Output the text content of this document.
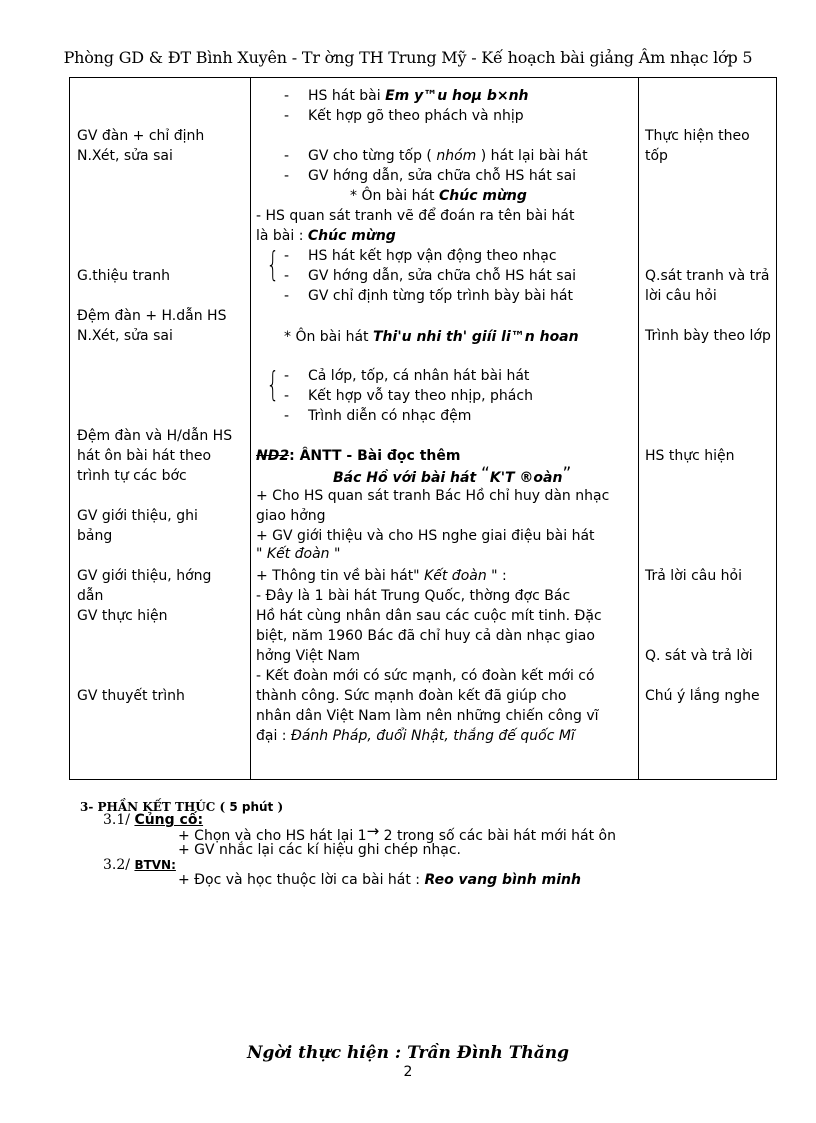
Phòng GD & ĐT Bình Xuyên - Tr ờng TH Trung Mỹ - Kế hoạch bài giảng Âm nhạc lớp 5
GV đàn + chỉ định
N.Xét, sửa sai
G.thiệu tranh
Đệm đàn + H.dẫn HS
N.Xét, sửa sai
Đệm đàn và H/dẫn HS
hát ôn bài hát theo
trình tự các bớc
GV giới thiệu, ghi
bảng
GV giới thiệu, hớng
dẫn
GV thực hiện
GV thuyết trình
- HS hát bài Em y™u hoµ b×nh
- Kết hợp gõ theo phách và nhịp
- GV cho từng tốp ( nhóm ) hát lại bài hát
- GV hớng dẫn, sửa chữa chỗ HS hát sai
* Ôn bài hát Chúc mừng
- HS quan sát tranh vẽ để đoán ra tên bài hát
là bài : Chúc mừng
{ - HS hát kết hợp vận động theo nhạc
- GV hớng dẫn, sửa chữa chỗ HS hát sai
- GV chỉ định từng tốp trình bày bài hát
* Ôn bài hát Thi'u nhi th' giíi li™n hoan
{ - Cả lớp, tốp, cá nhân hát bài hát
- Kết hợp vỗ tay theo nhịp, phách
- Trình diễn có nhạc đệm
ND2: ÂNTT - Bài đọc thêm
Bác Hồ với bài hát “K'T ®oàn”
+ Cho HS quan sát tranh Bác Hồ chỉ huy dàn nhạc
giao hởng
+ GV giới thiệu và cho HS nghe giai điệu bài hát
" Kết đoàn "
+ Thông tin về bài hát" Kết đoàn " :
- Đây là 1 bài hát Trung Quốc, thờng đợc Bác
Hồ hát cùng nhân dân sau các cuộc mít tinh. Đặc
biệt, năm 1960 Bác đã chỉ huy cả dàn nhạc giao
hởng Việt Nam
- Kết đoàn mới có sức mạnh, có đoàn kết mới có
thành công. Sức mạnh đoàn kết đã giúp cho
nhân dân Việt Nam làm nên những chiến công vĩ
đại : Đánh Pháp, đuổi Nhật, thắng đế quốc Mĩ
Thực hiện theo
tốp
Q.sát tranh và trả
lời câu hỏi
Trình bày theo lớp
HS thực hiện
Trả lời câu hỏi
Q. sát và trả lời
Chú ý lắng nghe
3- PHẦN KẾT THÚC ( 5 phút )
3.1/ Củng cố:
+ Chọn và cho HS hát lại 1→ 2 trong số các bài hát mới hát ôn
+ GV nhắc lại các kí hiệu ghi chép nhạc.
3.2/ BTVN:
+ Đọc và học thuộc lời ca bài hát : Reo vang bình minh
Ngời thực hiện : Trần Đình Thăng
2
